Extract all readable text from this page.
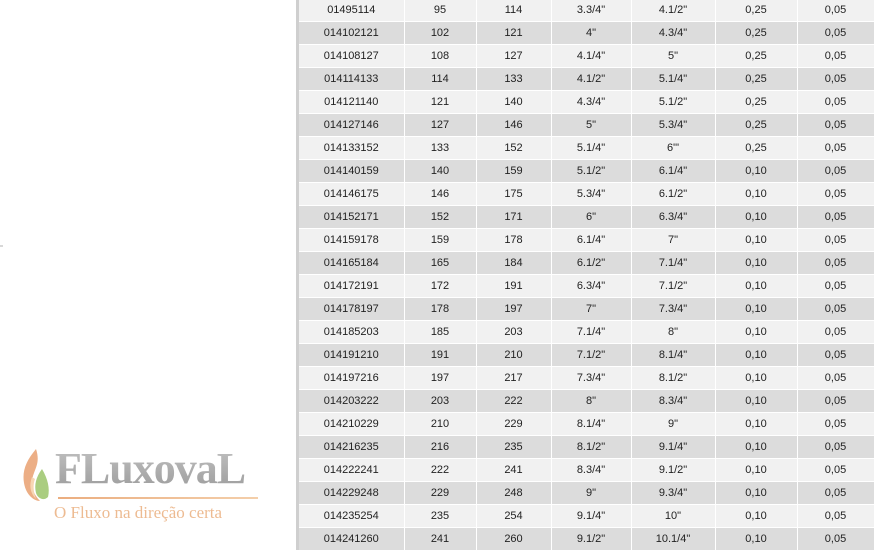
FLuxovaL
O Fluxo na direção certa
01495114	95	114	3.3/4"	4.1/2"	0,25	0,05
014102121	102	121	4"	4.3/4"	0,25	0,05
014108127	108	127	4.1/4"	5"	0,25	0,05
014114133	114	133	4.1/2"	5.1/4"	0,25	0,05
014121140	121	140	4.3/4"	5.1/2"	0,25	0,05
014127146	127	146	5"	5.3/4"	0,25	0,05
014133152	133	152	5.1/4"	6'"	0,25	0,05
014140159	140	159	5.1/2"	6.1/4"	0,10	0,05
014146175	146	175	5.3/4"	6.1/2"	0,10	0,05
014152171	152	171	6"	6.3/4"	0,10	0,05
014159178	159	178	6.1/4"	7"	0,10	0,05
014165184	165	184	6.1/2"	7.1/4"	0,10	0,05
014172191	172	191	6.3/4"	7.1/2"	0,10	0,05
014178197	178	197	7"	7.3/4"	0,10	0,05
014185203	185	203	7.1/4"	8"	0,10	0,05
014191210	191	210	7.1/2"	8.1/4"	0,10	0,05
014197216	197	217	7.3/4"	8.1/2"	0,10	0,05
014203222	203	222	8"	8.3/4"	0,10	0,05
014210229	210	229	8.1/4"	9"	0,10	0,05
014216235	216	235	8.1/2"	9.1/4"	0,10	0,05
014222241	222	241	8.3/4"	9.1/2"	0,10	0,05
014229248	229	248	9"	9.3/4"	0,10	0,05
014235254	235	254	9.1/4"	10"	0,10	0,05
014241260	241	260	9.1/2"	10.1/4"	0,10	0,05
